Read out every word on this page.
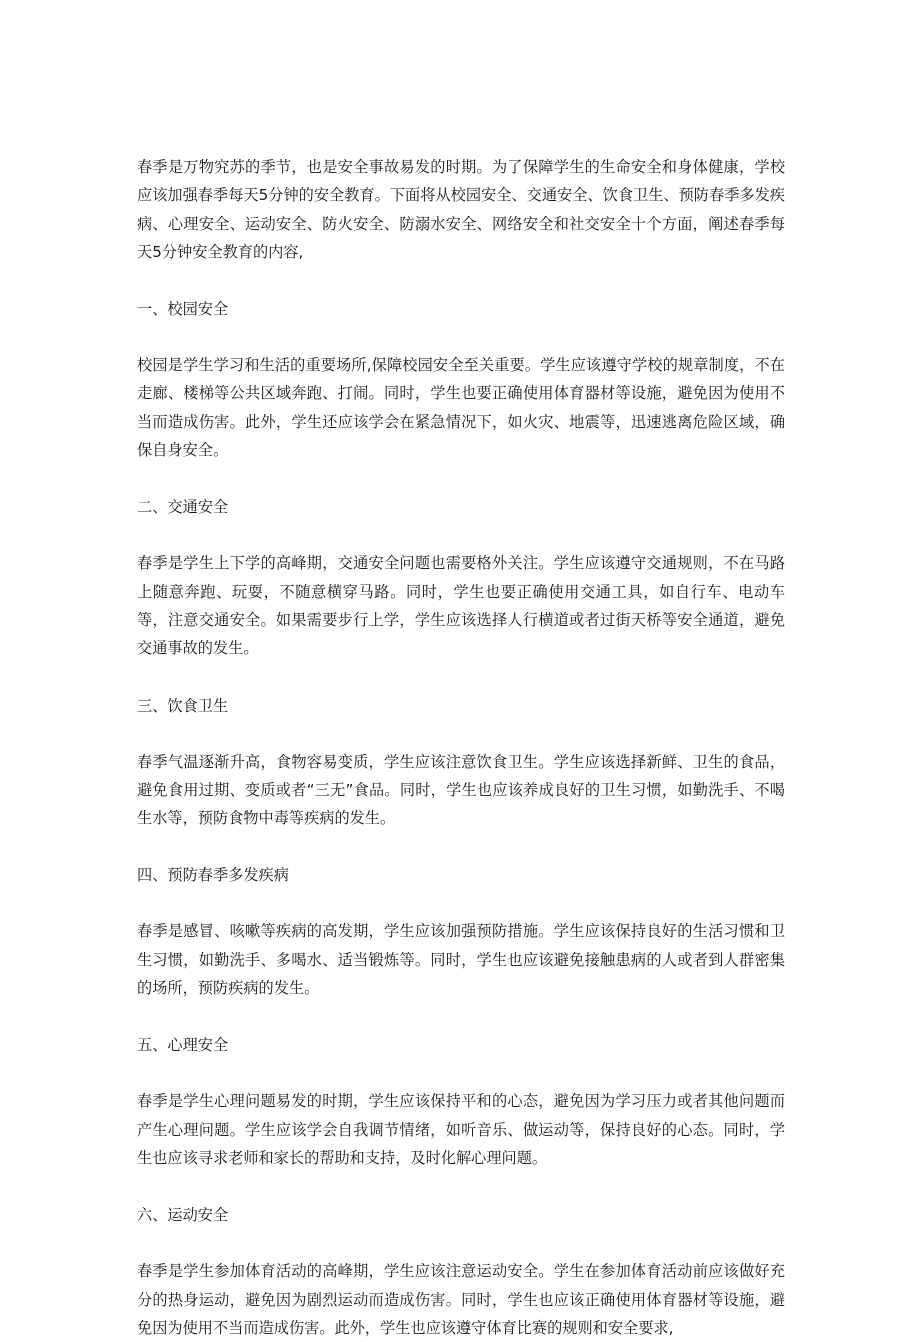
春季是万物究苏的季节，也是安全事故易发的时期。为了保障学生的生命安全和身体健康，学校应该加强春季每天5分钟的安全教育。下面将从校园安全、交通安全、饮食卫生、预防春季多发疾病、心理安全、运动安全、防火安全、防溺水安全、网络安全和社交安全十个方面，阐述春季每天5分钟安全教育的内容,

一、校园安全

校园是学生学习和生活的重要场所,保障校园安全至关重要。学生应该遵守学校的规章制度，不在走廊、楼梯等公共区域奔跑、打闹。同时，学生也要正确使用体育器材等设施，避免因为使用不当而造成伤害。此外，学生还应该学会在紧急情况下，如火灾、地震等，迅速逃离危险区域，确保自身安全。

二、交通安全

春季是学生上下学的高峰期，交通安全问题也需要格外关注。学生应该遵守交通规则，不在马路上随意奔跑、玩耍，不随意横穿马路。同时，学生也要正确使用交通工具，如自行车、电动车等，注意交通安全。如果需要步行上学，学生应该选择人行横道或者过街天桥等安全通道，避免交通事故的发生。

三、饮食卫生

春季气温逐渐升高，食物容易变质，学生应该注意饮食卫生。学生应该选择新鲜、卫生的食品，避免食用过期、变质或者“三无”食品。同时，学生也应该养成良好的卫生习惯，如勤洗手、不喝生水等，预防食物中毒等疾病的发生。

四、预防春季多发疾病

春季是感冒、咳嗽等疾病的高发期，学生应该加强预防措施。学生应该保持良好的生活习惯和卫生习惯，如勤洗手、多喝水、适当锻炼等。同时，学生也应该避免接触患病的人或者到人群密集的场所，预防疾病的发生。

五、心理安全

春季是学生心理问题易发的时期，学生应该保持平和的心态，避免因为学习压力或者其他问题而产生心理问题。学生应该学会自我调节情绪，如听音乐、做运动等，保持良好的心态。同时，学生也应该寻求老师和家长的帮助和支持，及时化解心理问题。

六、运动安全

春季是学生参加体育活动的高峰期，学生应该注意运动安全。学生在参加体育活动前应该做好充分的热身运动，避免因为剧烈运动而造成伤害。同时，学生也应该正确使用体育器材等设施，避免因为使用不当而造成伤害。此外，学生也应该遵守体育比赛的规则和安全要求,
